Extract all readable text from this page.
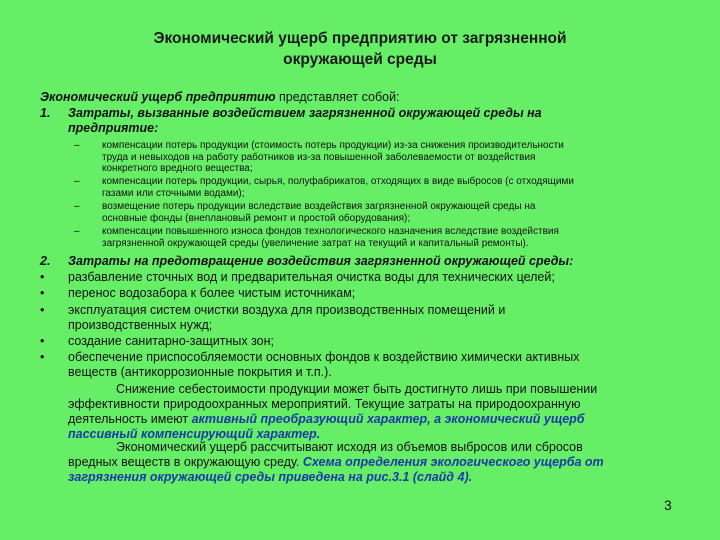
Экономический ущерб предприятию от загрязненной
окружающей среды
Экономический ущерб предприятию представляет собой:
1. Затраты, вызванные воздействием загрязненной окружающей среды на
предприятие:
– компенсации потерь продукции (стоимость потерь продукции) из-за снижения производительности
труда и невыходов на работу работников из-за повышенной заболеваемости от воздействия
конкретного вредного вещества;
– компенсации потерь продукции, сырья, полуфабрикатов, отходящих в виде выбросов (с отходящими
газами или сточными водами);
– возмещение потерь продукции вследствие воздействия загрязненной окружающей среды на
основные фонды (внеплановый ремонт и простой оборудования);
– компенсации повышенного износа фондов технологического назначения вследствие воздействия
загрязненной окружающей среды (увеличение затрат на текущий и капитальный ремонты).
2. Затраты на предотвращение воздействия загрязненной окружающей среды:
• разбавление сточных вод и предварительная очистка воды для технических целей;
• перенос водозабора к более чистым источникам;
• эксплуатация систем очистки воздуха для производственных помещений и
производственных нужд;
• создание санитарно-защитных зон;
• обеспечение приспособляемости основных фондов к воздействию химически активных
веществ (антикоррозионные покрытия и т.п.).
Снижение себестоимости продукции может быть достигнуто лишь при повышении
эффективности природоохранных мероприятий. Текущие затраты на природоохранную
деятельность имеют активный преобразующий характер, а экономический ущерб
пассивный компенсирующий характер.
Экономический ущерб рассчитывают исходя из объемов выбросов или сбросов
вредных веществ в окружающую среду. Схема определения экологического ущерба от
загрязнения окружающей среды приведена на рис.3.1 (слайд 4).
3
